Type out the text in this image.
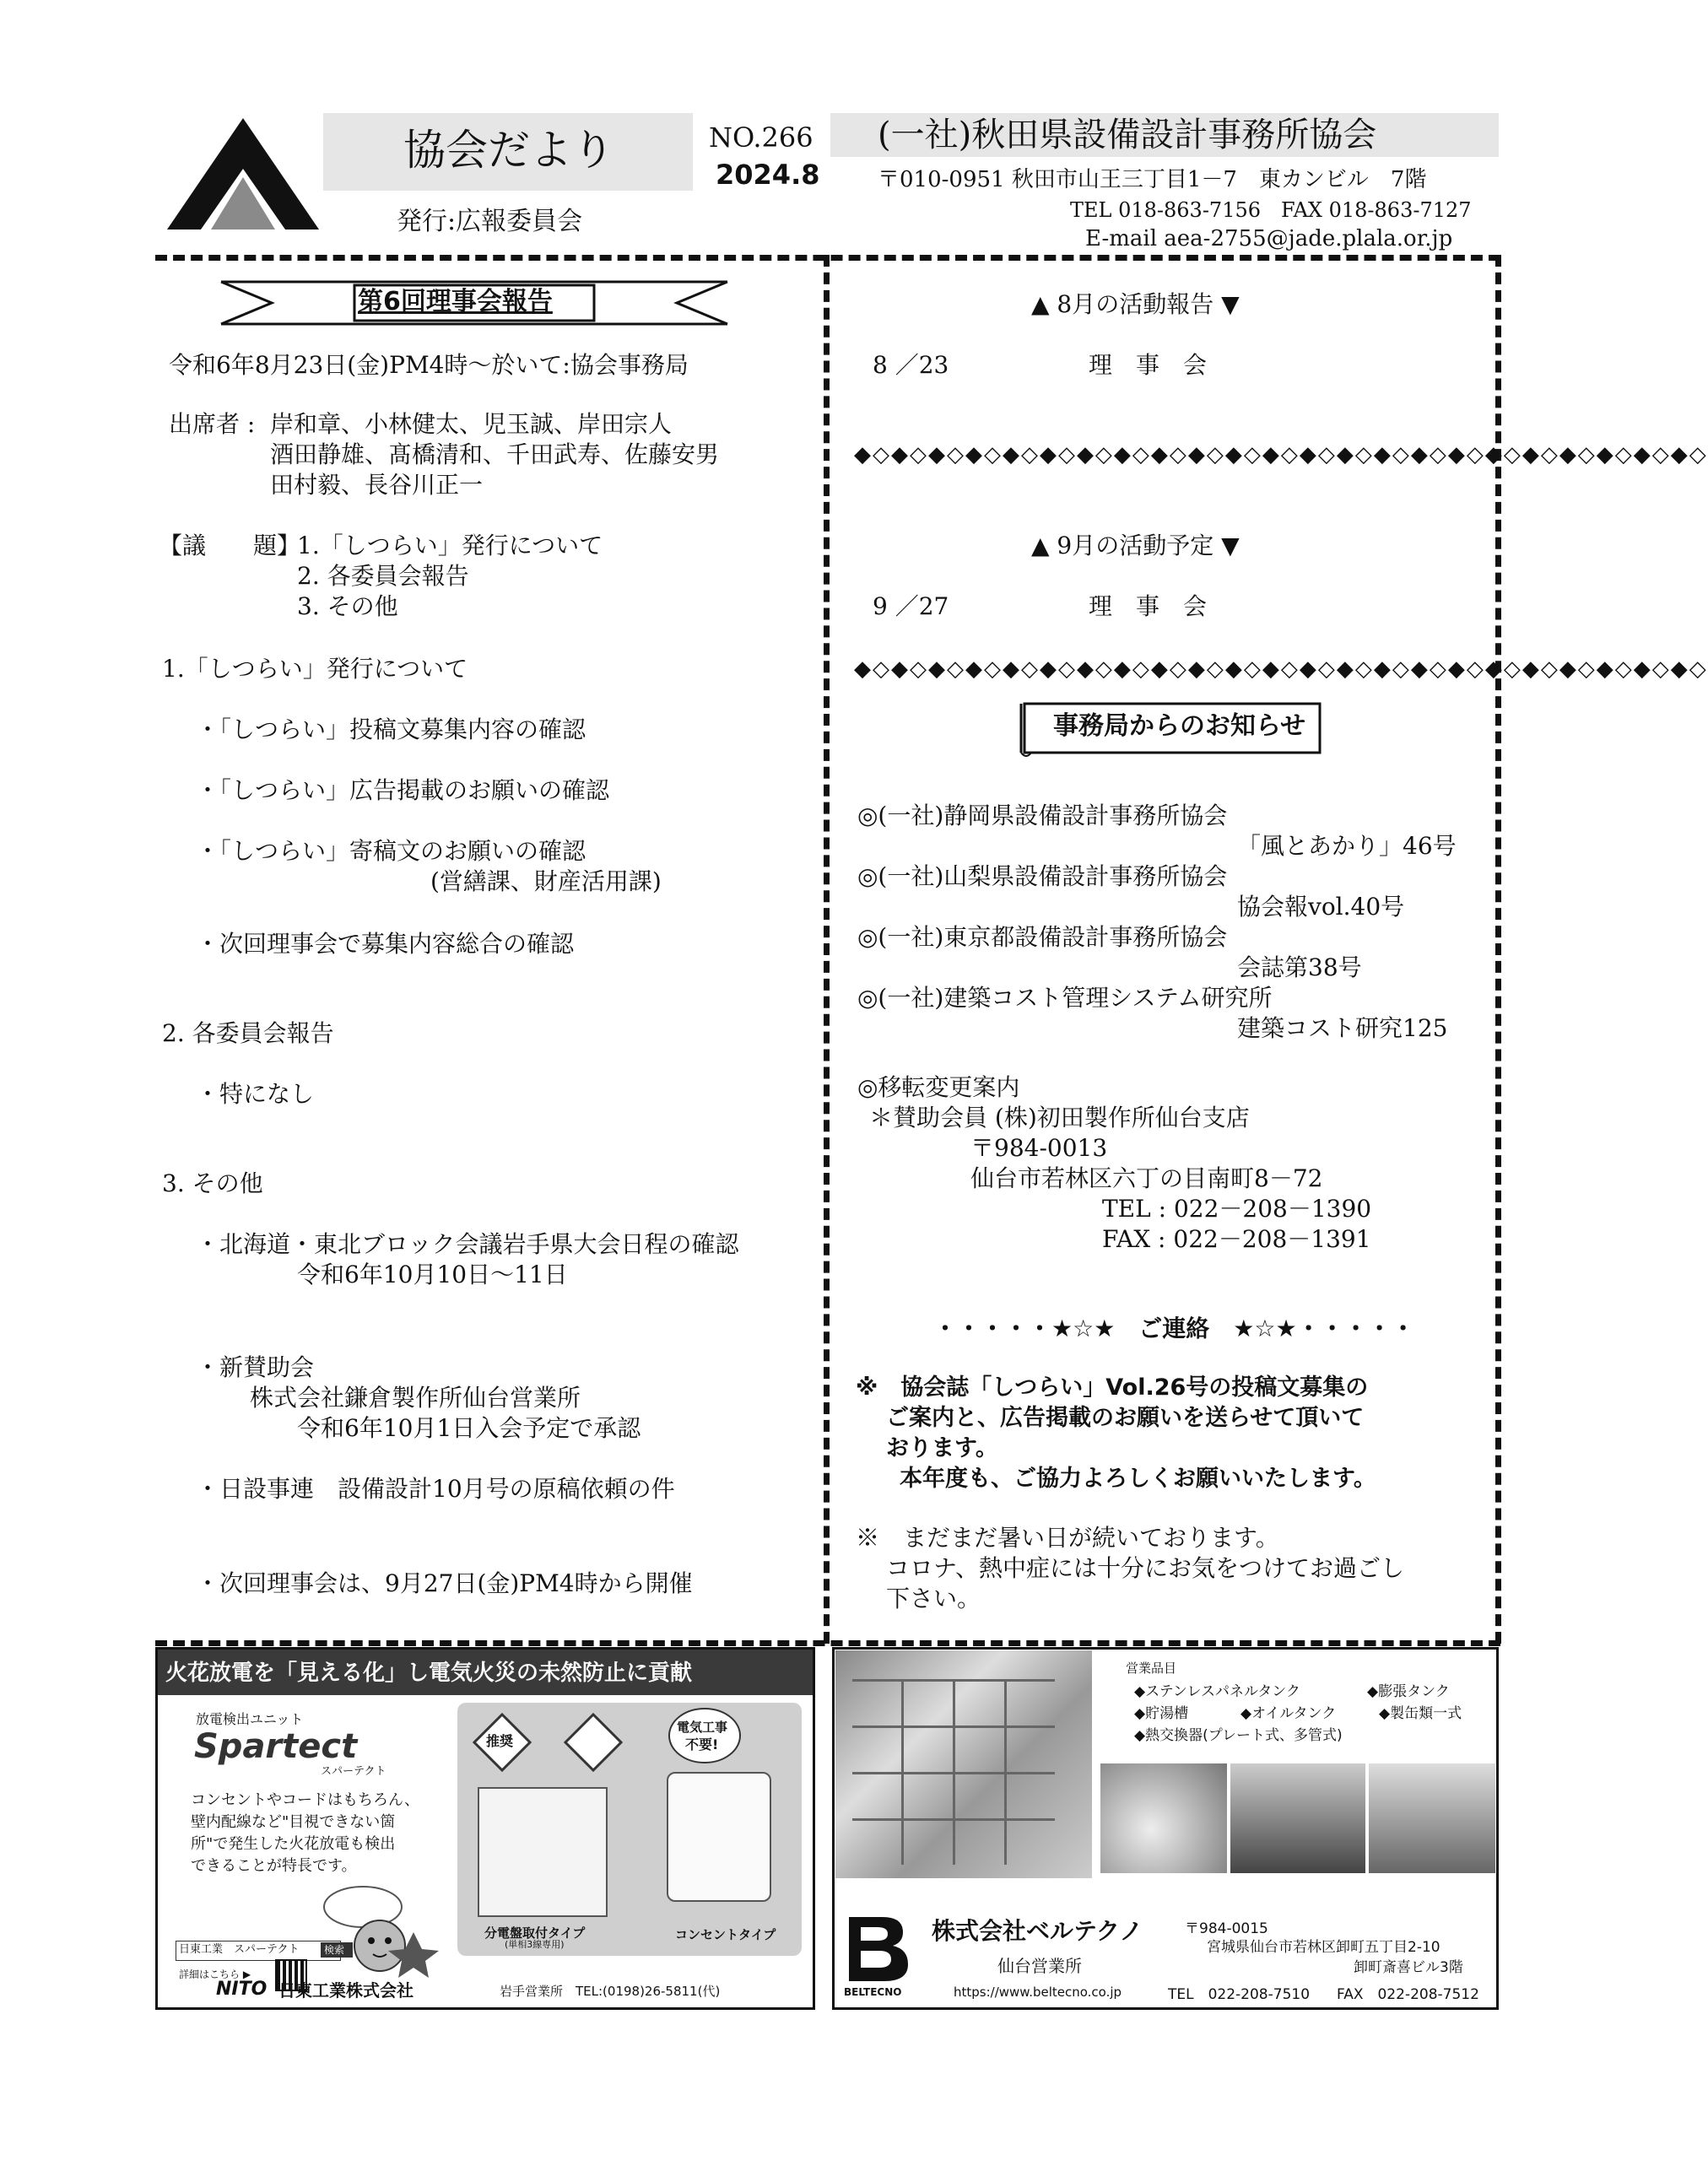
協会だより	NO.266
2024.8
発行:広報委員会
(一社)秋田県設備設計事務所協会
〒010-0951 秋田市山王三丁目1－7　東カンビル　7階
TEL 018-863-7156　FAX 018-863-7127
E-mail aea-2755@jade.plala.or.jp
第6回理事会報告
令和6年8月23日(金)PM4時～於いて:協会事務局
出席者 : 岸和章、小林健太、児玉誠、岸田宗人
酒田静雄、髙橋清和、千田武寿、佐藤安男
田村毅、長谷川正一
【議　　題】
1.「しつらい」発行について
2. 各委員会報告
3. その他
1.「しつらい」発行について
・「しつらい」投稿文募集内容の確認
・「しつらい」広告掲載のお願いの確認
・「しつらい」寄稿文のお願いの確認
(営繕課、財産活用課)
・次回理事会で募集内容総合の確認
2. 各委員会報告
・特になし
3. その他
・北海道・東北ブロック会議岩手県大会日程の確認
令和6年10月10日～11日
・新賛助会
株式会社鎌倉製作所仙台営業所
令和6年10月1日入会予定で承認
・日設事連　設備設計10月号の原稿依頼の件
・次回理事会は、9月27日(金)PM4時から開催
▲ 8月の活動報告 ▼
8 ／23	理　事　会
◆◇◆◇◆◇◆◇◆◇◆◇◆◇◆◇◆◇◆◇◆◇◆◇◆◇◆◇◆◇◆◇◆◇◆◇◆◇◆◇◆◇◆◇◆◇
▲ 9月の活動予定 ▼
9 ／27	理　事　会
◆◇◆◇◆◇◆◇◆◇◆◇◆◇◆◇◆◇◆◇◆◇◆◇◆◇◆◇◆◇◆◇◆◇◆◇◆◇◆◇◆◇◆◇◆◇
事務局からのお知らせ
◎(一社)静岡県設備設計事務所協会
「風とあかり」46号
◎(一社)山梨県設備設計事務所協会
協会報vol.40号
◎(一社)東京都設備設計事務所協会
会誌第38号
◎(一社)建築コスト管理システム研究所
建築コスト研究125
◎移転変更案内
＊賛助会員 (株)初田製作所仙台支店
〒984-0013
仙台市若林区六丁の目南町8－72
TEL : 022－208－1390
FAX : 022－208－1391
・・・・・★☆★　ご連絡　★☆★・・・・・
※　協会誌「しつらい」Vol.26号の投稿文募集の
ご案内と、広告掲載のお願いを送らせて頂いて
おります。
本年度も、ご協力よろしくお願いいたします。
※　まだまだ暑い日が続いております。
コロナ、熱中症には十分にお気をつけてお過ごし
下さい。
火花放電を「見える化」し電気火災の未然防止に貢献
放電検出ユニット
Spartect
スパーテクト
コンセントやコードはもちろん、
壁内配線など"目視できない箇
所"で発生した火花放電も検出
できることが特長です。
日東工業　スパーテクト 検索
詳細はこちら ▶
推奨
電気工事
不要!
分電盤取付タイプ
(単相3線専用)
コンセントタイプ
NITO 日東工業株式会社	岩手営業所　TEL:(0198)26-5811(代)
営業品目
◆ステンレスパネルタンク	◆膨張タンク
◆貯湯槽	◆オイルタンク	◆製缶類一式
◆熱交換器(プレート式、多管式)
BELTECNO
株式会社ベルテクノ
仙台営業所
https://www.beltecno.co.jp
〒984-0015
宮城県仙台市若林区卸町五丁目2-10
卸町斎喜ビル3階
TEL　022-208-7510 FAX　022-208-7512
